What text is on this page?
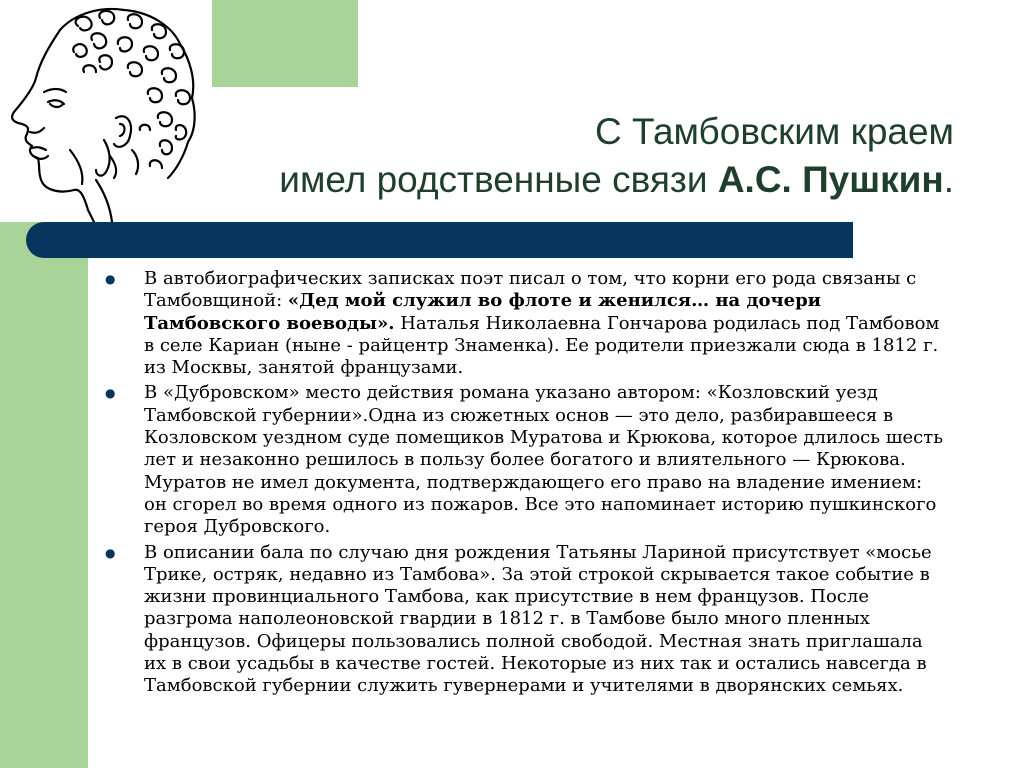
С Тамбовским краем
имел родственные связи А.С. Пушкин.
● В автобиографических записках поэт писал о том, что корни его рода связаны с Тамбовщиной: «Дед мой служил во флоте и женился… на дочери Тамбовского воеводы». Наталья Николаевна Гончарова родилась под Тамбовом в селе Кариан (ныне - райцентр Знаменка). Ее родители приезжали сюда в 1812 г. из Москвы, занятой французами.
● В «Дубровском» место действия романа указано автором: «Козловский уезд Тамбовской губернии».Одна из сюжетных основ — это дело, разбиравшееся в Козловском уездном суде помещиков Муратова и Крюкова, которое длилось шесть лет и незаконно решилось в пользу более богатого и влиятельного — Крюкова. Муратов не имел документа, подтверждающего его право на владение имением: он сгорел во время одного из пожаров. Все это напоминает историю пушкинского героя Дубровского.
● В описании бала по случаю дня рождения Татьяны Лариной присутствует «мосье Трике, остряк, недавно из Тамбова». За этой строкой скрывается такое событие в жизни провинциального Тамбова, как присутствие в нем французов. После разгрома наполеоновской гвардии в 1812 г. в Тамбове было много пленных французов. Офицеры пользовались полной свободой. Местная знать приглашала их в свои усадьбы в качестве гостей. Некоторые из них так и остались навсегда в Тамбовской губернии служить гувернерами и учителями в дворянских семьях.
